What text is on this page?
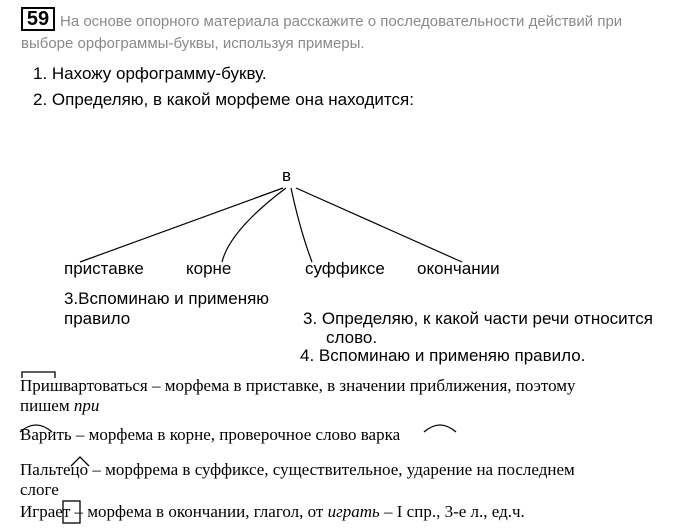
59 На основе опорного материала расскажите о последовательности действий при
выборе орфограммы-буквы, используя примеры.
1. Нахожу орфограмму-букву.
2. Определяю, в какой морфеме она находится:
в
приставке корне	суффиксе окончании
3.Вспоминаю и применяю
правило	3. Определяю, к какой части речи относится
слово.
4. Вспоминаю и применяю правило.
Пришвартоваться – морфема в приставке, в значении приближения, поэтому
пишем при
Варить – морфема в корне, проверочное слово варка
Пальтецо – морфрема в суффиксе, существительное, ударение на последнем
слоге
Играет – морфема в окончании, глагол, от играть – I спр., 3-е л., ед.ч.
